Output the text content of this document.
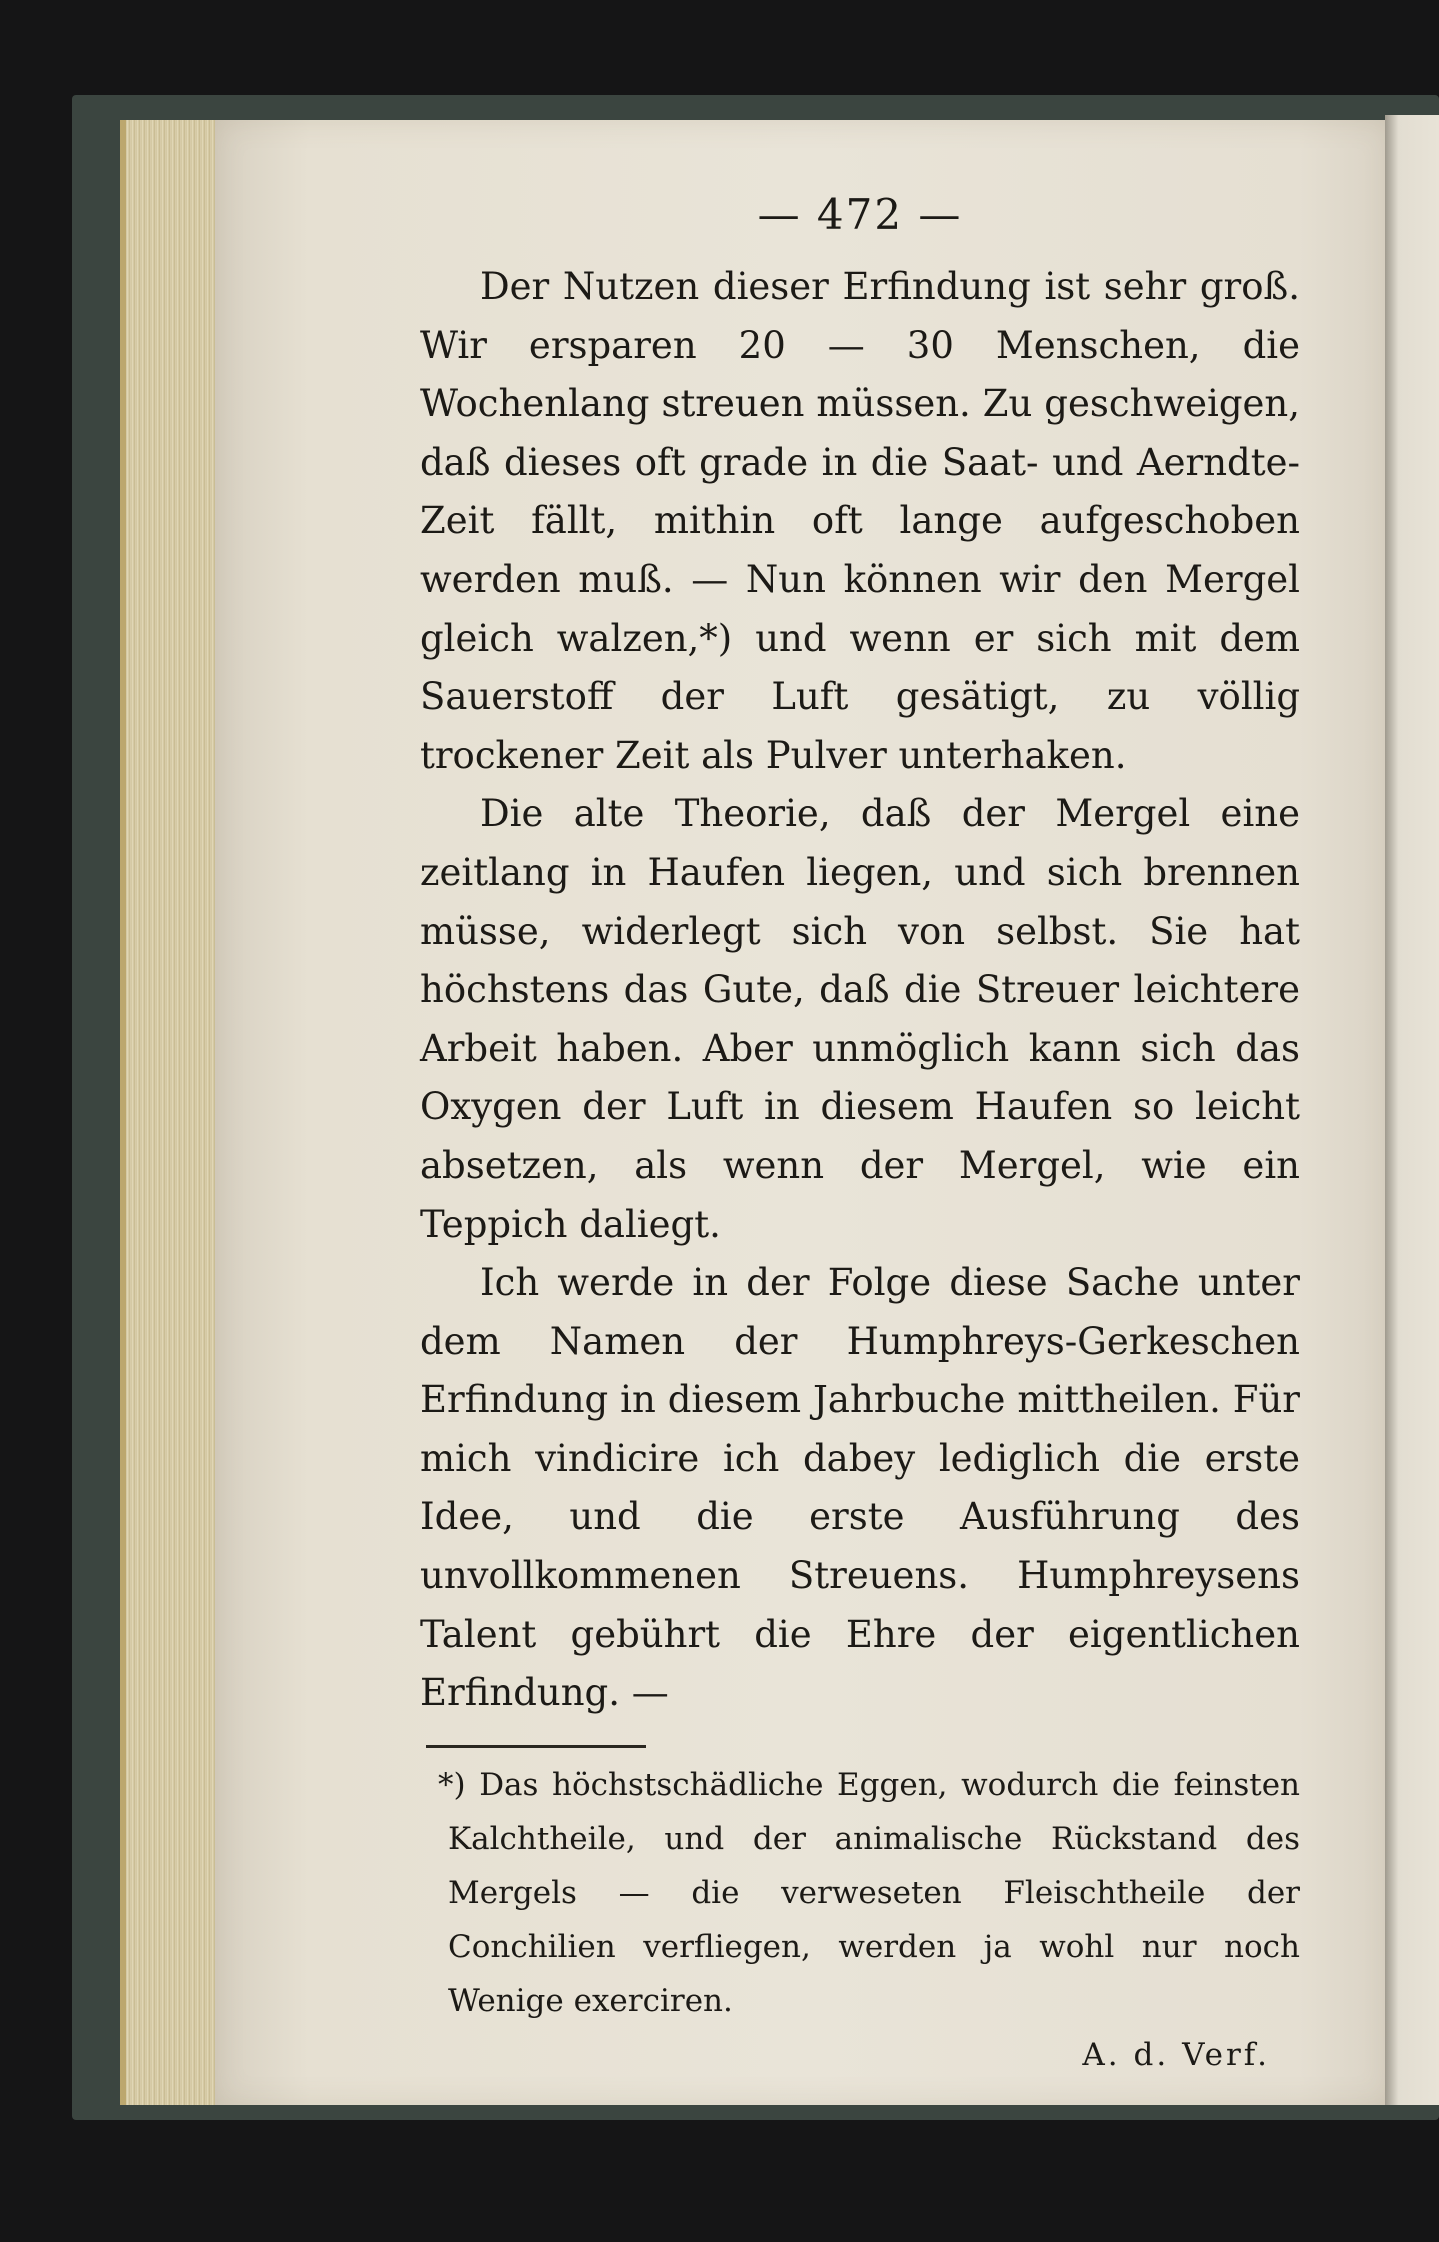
— 472 —

Der Nutzen dieser Erfindung ist sehr groß. Wir ersparen 20 — 30 Menschen, die Wochenlang streuen müssen. Zu geschweigen, daß dieses oft grade in die Saat- und Aerndte-Zeit fällt, mithin oft lange aufgeschoben werden muß. — Nun können wir den Mergel gleich walzen,*) und wenn er sich mit dem Sauerstoff der Luft gesätigt, zu völlig trockener Zeit als Pulver unterhaken.

Die alte Theorie, daß der Mergel eine zeitlang in Haufen liegen, und sich brennen müsse, widerlegt sich von selbst. Sie hat höchstens das Gute, daß die Streuer leichtere Arbeit haben. Aber unmöglich kann sich das Oxygen der Luft in diesem Haufen so leicht absetzen, als wenn der Mergel, wie ein Teppich daliegt.

Ich werde in der Folge diese Sache unter dem Namen der Humphreys-Gerkeschen Erfindung in diesem Jahrbuche mittheilen. Für mich vindicire ich dabey lediglich die erste Idee, und die erste Ausführung des unvollkommenen Streuens. Humphreysens Talent gebührt die Ehre der eigentlichen Erfindung. —

*) Das höchstschädliche Eggen, wodurch die feinsten Kalchtheile, und der animalische Rückstand des Mergels — die verweseten Fleischtheile der Conchilien verfliegen, werden ja wohl nur noch Wenige exerciren.

A. d. Verf.
